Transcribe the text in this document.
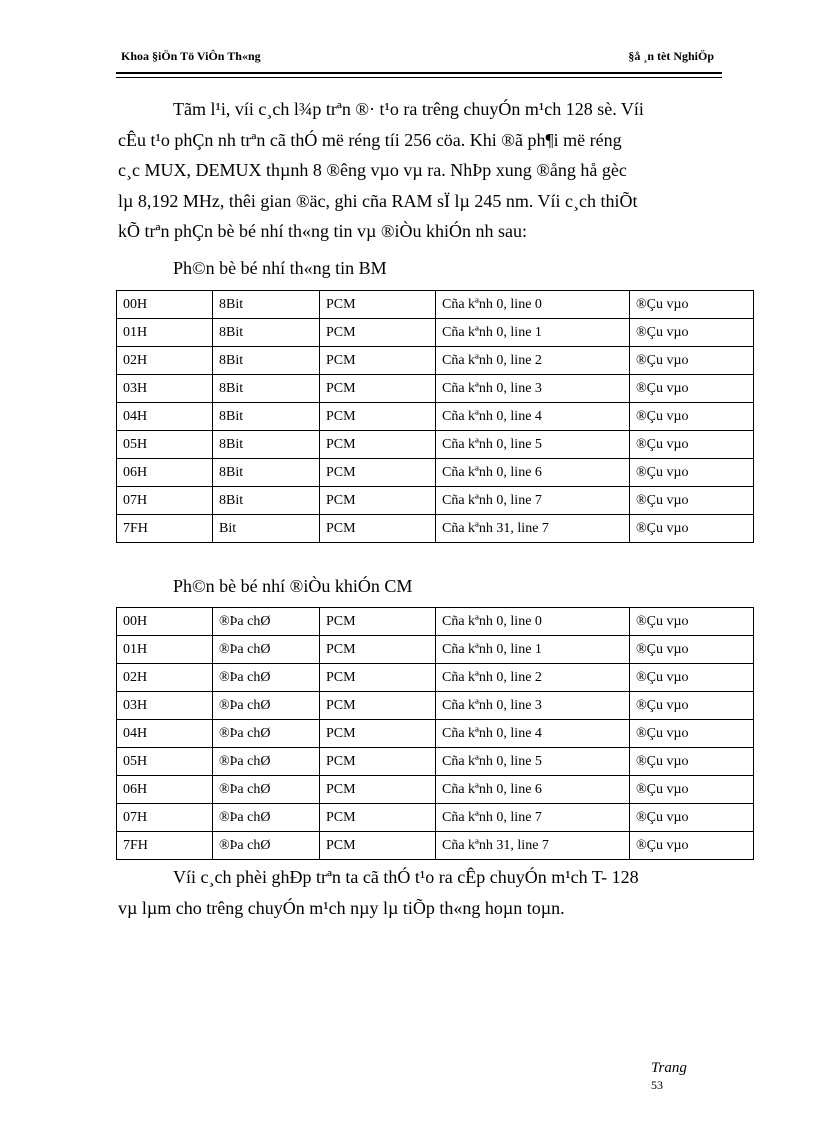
Khoa §iÖn Tö ViÔn Th«ng	§å ¸n tèt NghiÖp

Tãm l¹i, víi c¸ch l¾p trªn ®· t¹o ra trêng chuyÓn m¹ch 128 sè. Víi

cÊu t¹o phÇn nh trªn cã thÓ më réng tíi 256 cöa. Khi ®ã ph¶i më réng

c¸c MUX, DEMUX thµnh 8 ®êng vµo vµ ra. NhÞp xung ®ång hå gèc

lµ 8,192 MHz, thêi gian ®äc, ghi cña RAM sÏ lµ 245 nm. Víi c¸ch thiÕt

kÕ trªn phÇn bè bé nhí th«ng tin vµ ®iÒu khiÓn nh sau:

Ph©n bè bé nhí th«ng tin BM
00H	8Bit	PCM	Cña kªnh 0, line 0	®Çu vµo
01H	8Bit	PCM	Cña kªnh 0, line 1	®Çu vµo
02H	8Bit	PCM	Cña kªnh 0, line 2	®Çu vµo
03H	8Bit	PCM	Cña kªnh 0, line 3	®Çu vµo
04H	8Bit	PCM	Cña kªnh 0, line 4	®Çu vµo
05H	8Bit	PCM	Cña kªnh 0, line 5	®Çu vµo
06H	8Bit	PCM	Cña kªnh 0, line 6	®Çu vµo
07H	8Bit	PCM	Cña kªnh 0, line 7	®Çu vµo
7FH	Bit	PCM	Cña kªnh 31, line 7	®Çu vµo
Ph©n bè bé nhí ®iÒu khiÓn CM
00H	®Þa chØ	PCM	Cña kªnh 0, line 0	®Çu vµo
01H	®Þa chØ	PCM	Cña kªnh 0, line 1	®Çu vµo
02H	®Þa chØ	PCM	Cña kªnh 0, line 2	®Çu vµo
03H	®Þa chØ	PCM	Cña kªnh 0, line 3	®Çu vµo
04H	®Þa chØ	PCM	Cña kªnh 0, line 4	®Çu vµo
05H	®Þa chØ	PCM	Cña kªnh 0, line 5	®Çu vµo
06H	®Þa chØ	PCM	Cña kªnh 0, line 6	®Çu vµo
07H	®Þa chØ	PCM	Cña kªnh 0, line 7	®Çu vµo
7FH	®Þa chØ	PCM	Cña kªnh 31, line 7	®Çu vµo

Víi c¸ch phèi ghÐp trªn ta cã thÓ t¹o ra cÊp chuyÓn m¹ch T- 128

vµ lµm cho trêng chuyÓn m¹ch nµy lµ tiÕp th«ng hoµn toµn.

Trang
53
